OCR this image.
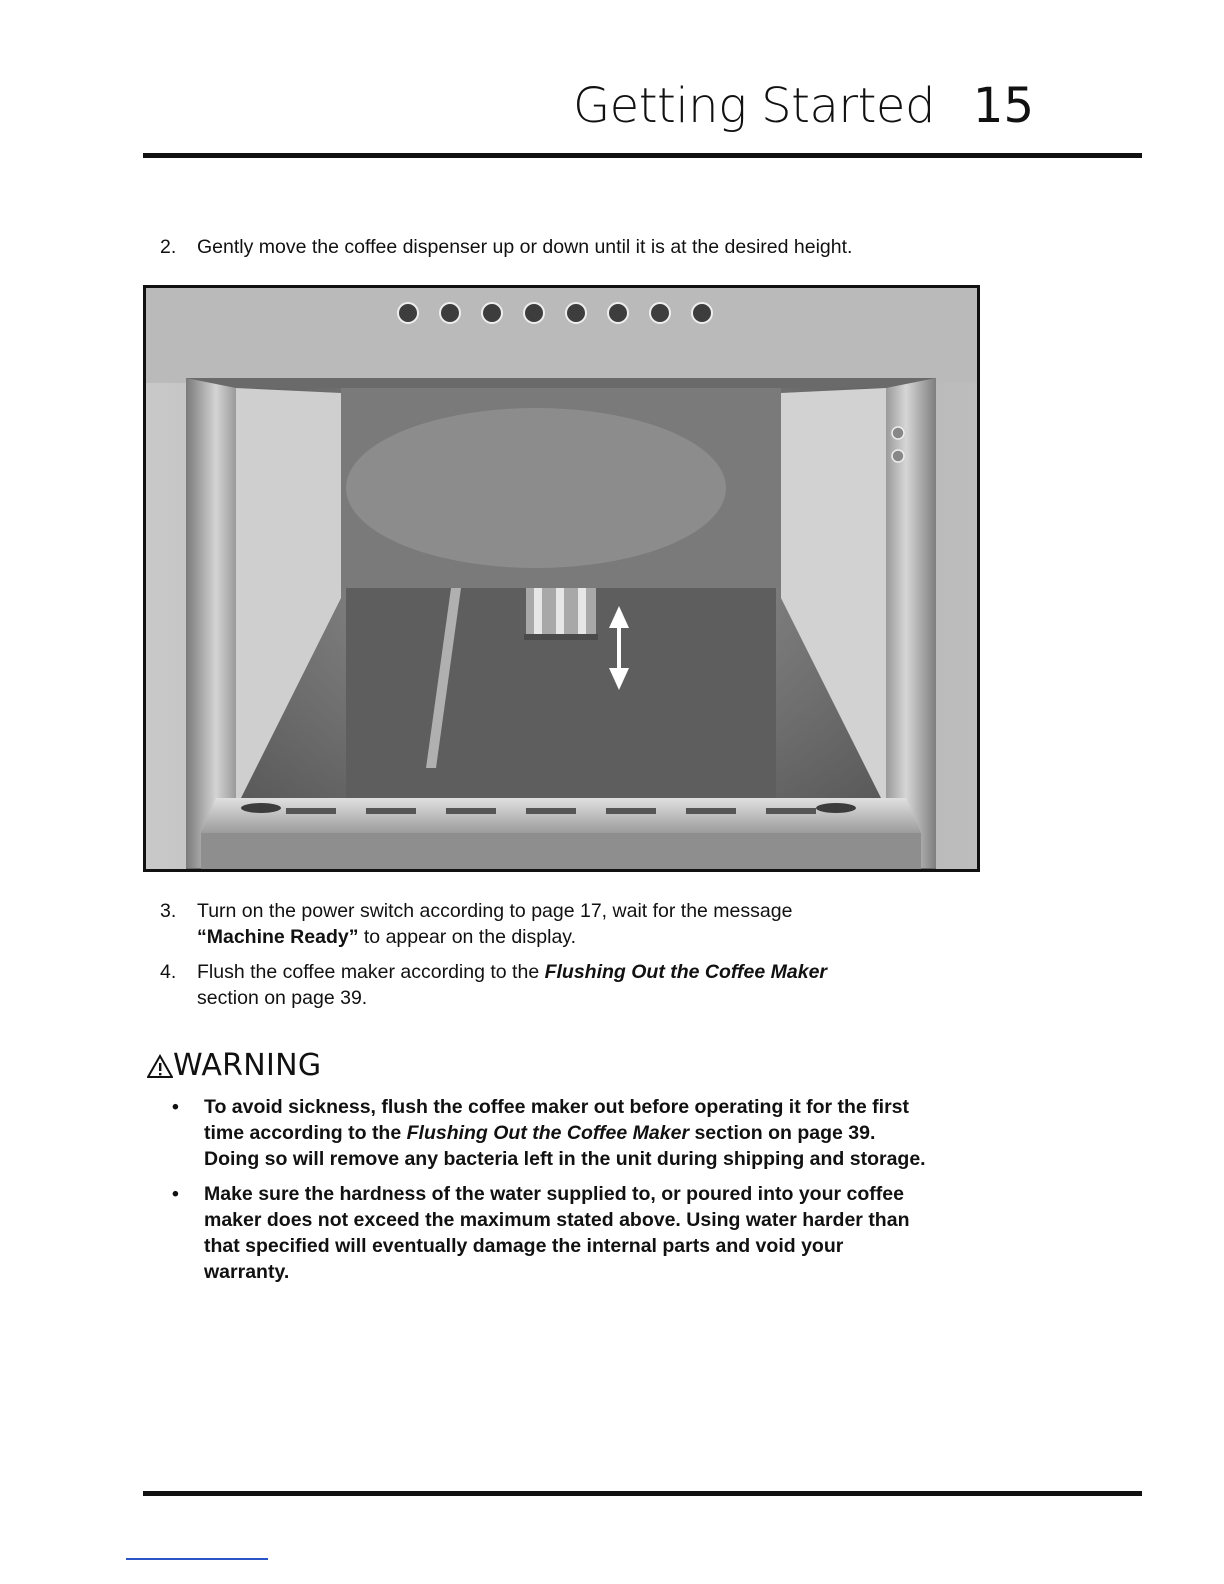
Getting Started 15
2. Gently move the coffee dispenser up or down until it is at the desired height.
3. Turn on the power switch according to page 17, wait for the message
“Machine Ready” to appear on the display.
4. Flush the coffee maker according to the Flushing Out the Coffee Maker
section on page 39.
WARNING
• To avoid sickness, flush the coffee maker out before operating it for the first time according to the Flushing Out the Coffee Maker section on page 39. Doing so will remove any bacteria left in the unit during shipping and storage.
• Make sure the hardness of the water supplied to, or poured into your coffee maker does not exceed the maximum stated above. Using water harder than that specified will eventually damage the internal parts and void your warranty.
